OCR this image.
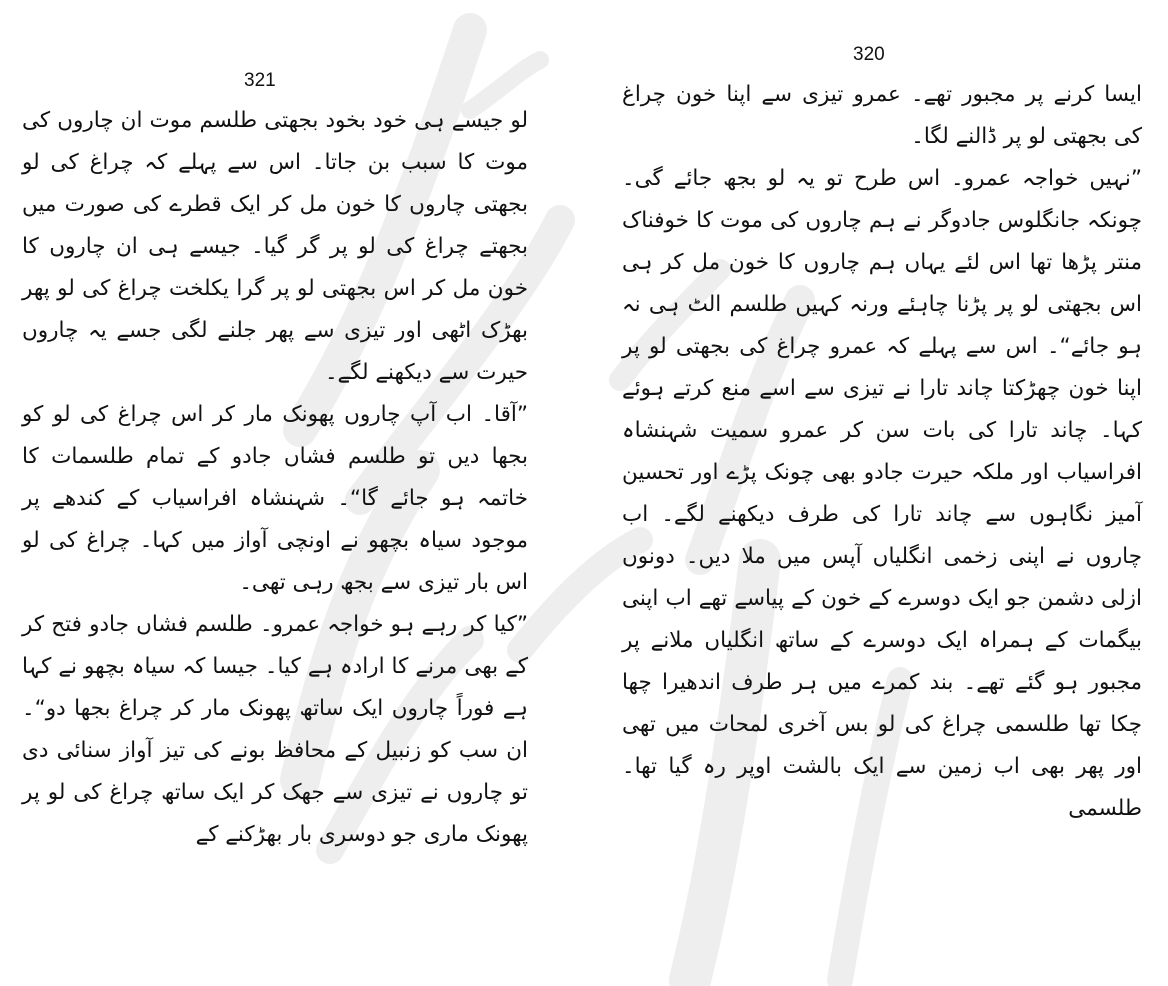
321

لو جیسے ہی خود بخود بجھتی طلسم موت ان چاروں کی موت کا سبب بن جاتا۔ اس سے پہلے کہ چراغ کی لو بجھتی چاروں کا خون مل کر ایک قطرے کی صورت میں بجھتے چراغ کی لو پر گر گیا۔ جیسے ہی ان چاروں کا خون مل کر اس بجھتی لو پر گرا یکلخت چراغ کی لو پھر بھڑک اٹھی اور تیزی سے پھر جلنے لگی جسے یہ چاروں حیرت سے دیکھنے لگے۔

”آقا۔ اب آپ چاروں پھونک مار کر اس چراغ کی لو کو بجھا دیں تو طلسم فشاں جادو کے تمام طلسمات کا خاتمہ ہو جائے گا“۔ شہنشاہ افراسیاب کے کندھے پر موجود سیاہ بچھو نے اونچی آواز میں کہا۔ چراغ کی لو اس بار تیزی سے بجھ رہی تھی۔

”کیا کر رہے ہو خواجہ عمرو۔ طلسم فشاں جادو فتح کر کے بھی مرنے کا ارادہ ہے کیا۔ جیسا کہ سیاہ بچھو نے کہا ہے فوراً چاروں ایک ساتھ پھونک مار کر چراغ بجھا دو“۔ ان سب کو زنبیل کے محافظ بونے کی تیز آواز سنائی دی تو چاروں نے تیزی سے جھک کر ایک ساتھ چراغ کی لو پر پھونک ماری جو دوسری بار بھڑکنے کے

320

ایسا کرنے پر مجبور تھے۔ عمرو تیزی سے اپنا خون چراغ کی بجھتی لو پر ڈالنے لگا۔

”نہیں خواجہ عمرو۔ اس طرح تو یہ لو بجھ جائے گی۔ چونکہ جانگلوس جادوگر نے ہم چاروں کی موت کا خوفناک منتر پڑھا تھا اس لئے یہاں ہم چاروں کا خون مل کر ہی اس بجھتی لو پر پڑنا چاہئے ورنہ کہیں طلسم الٹ ہی نہ ہو جائے“۔ اس سے پہلے کہ عمرو چراغ کی بجھتی لو پر اپنا خون چھڑکتا چاند تارا نے تیزی سے اسے منع کرتے ہوئے کہا۔ چاند تارا کی بات سن کر عمرو سمیت شہنشاہ افراسیاب اور ملکہ حیرت جادو بھی چونک پڑے اور تحسین آمیز نگاہوں سے چاند تارا کی طرف دیکھنے لگے۔ اب چاروں نے اپنی زخمی انگلیاں آپس میں ملا دیں۔ دونوں ازلی دشمن جو ایک دوسرے کے خون کے پیاسے تھے اب اپنی بیگمات کے ہمراہ ایک دوسرے کے ساتھ انگلیاں ملانے پر مجبور ہو گئے تھے۔ بند کمرے میں ہر طرف اندھیرا چھا چکا تھا طلسمی چراغ کی لو بس آخری لمحات میں تھی اور پھر بھی اب زمین سے ایک بالشت اوپر رہ گیا تھا۔ طلسمی
